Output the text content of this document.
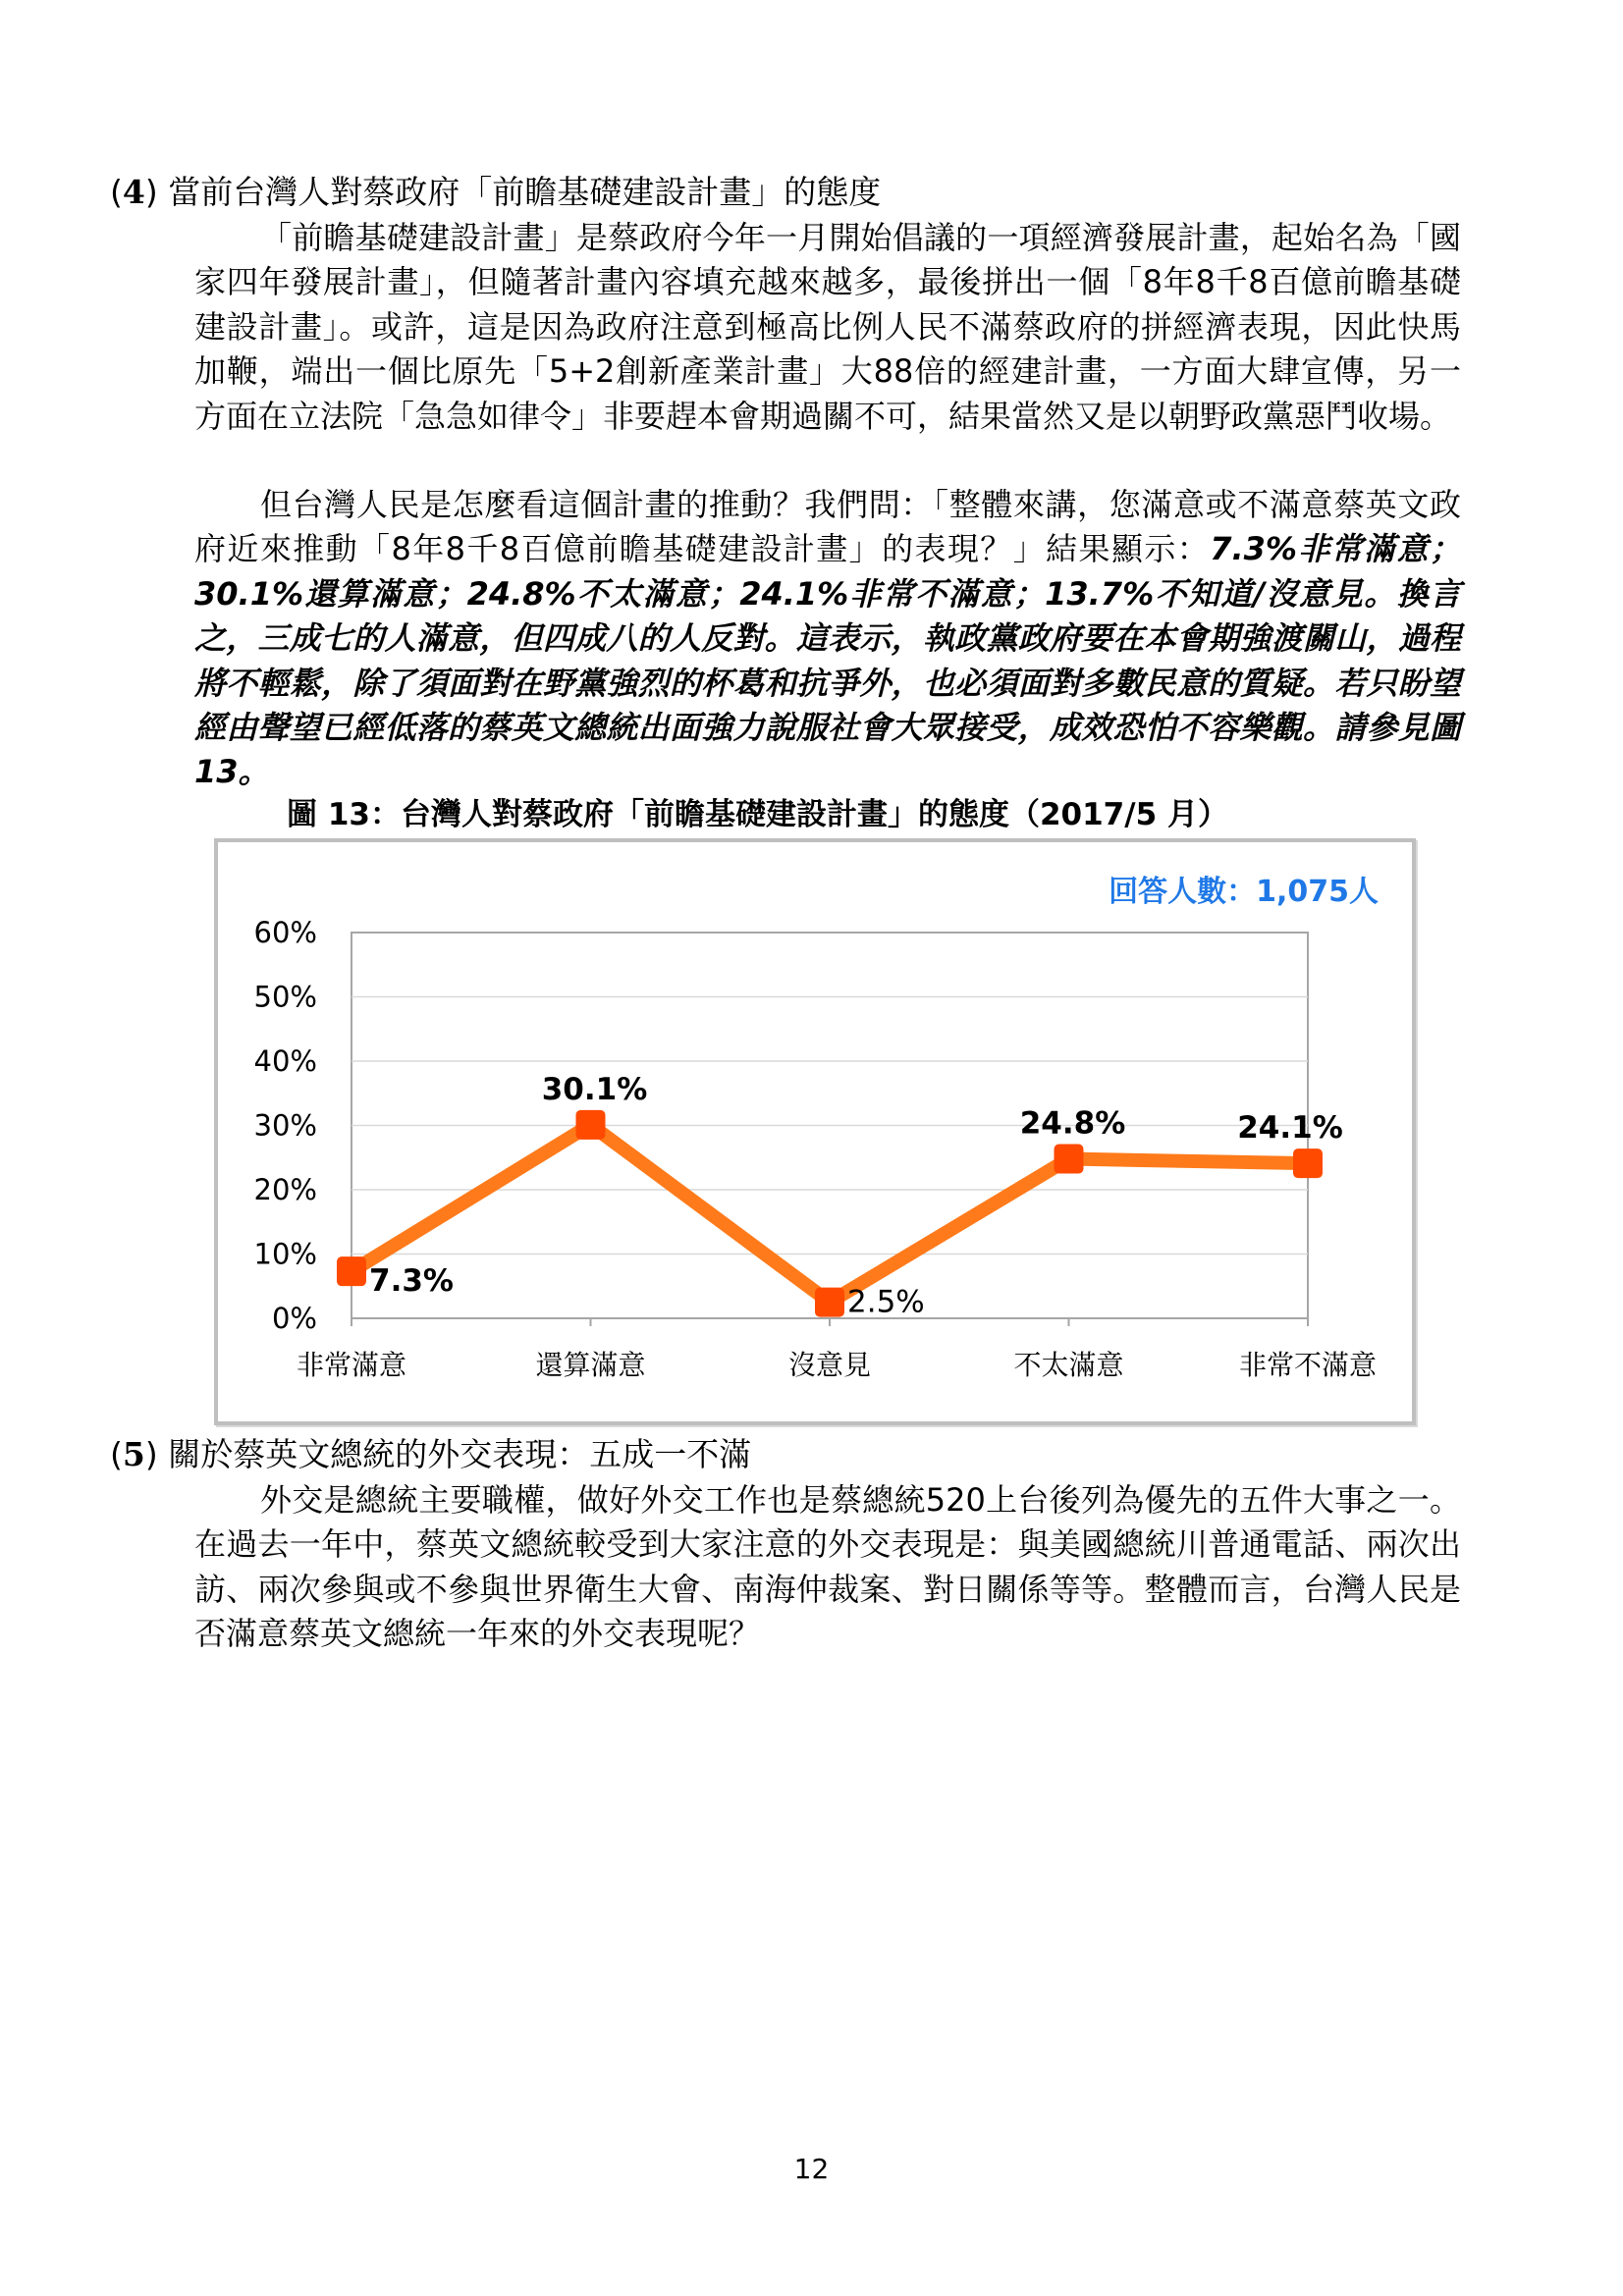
(4) 當前台灣人對蔡政府「前瞻基礎建設計畫」的態度
「前瞻基礎建設計畫」是蔡政府今年一月開始倡議的一項經濟發展計畫，起始名為「國家四年發展計畫」，但隨著計畫內容填充越來越多，最後拼出一個「8年8千8百億前瞻基礎建設計畫」。或許，這是因為政府注意到極高比例人民不滿蔡政府的拼經濟表現，因此快馬加鞭，端出一個比原先「5+2創新產業計畫」大88倍的經建計畫，一方面大肆宣傳，另一方面在立法院「急急如律令」非要趕本會期過關不可，結果當然又是以朝野政黨惡鬥收場。
但台灣人民是怎麼看這個計畫的推動？我們問：「整體來講，您滿意或不滿意蔡英文政府近來推動「8年8千8百億前瞻基礎建設計畫」的表現？」結果顯示：7.3%非常滿意；30.1%還算滿意；24.8%不太滿意；24.1%非常不滿意；13.7%不知道/沒意見。換言之，三成七的人滿意，但四成八的人反對。這表示，執政黨政府要在本會期強渡關山，過程將不輕鬆，除了須面對在野黨強烈的杯葛和抗爭外，也必須面對多數民意的質疑。若只盼望經由聲望已經低落的蔡英文總統出面強力說服社會大眾接受，成效恐怕不容樂觀。請參見圖13。
圖 13：台灣人對蔡政府「前瞻基礎建設計畫」的態度（2017/5 月）
0%
10%
20%
30%
40%
50%
60%
非常滿意	還算滿意	沒意見	不太滿意	非常不滿意
7.3%
30.1%
2.5%
24.8%	24.1%
回答人數：1,075人
(5) 關於蔡英文總統的外交表現：五成一不滿
外交是總統主要職權，做好外交工作也是蔡總統520上台後列為優先的五件大事之一。在過去一年中，蔡英文總統較受到大家注意的外交表現是：與美國總統川普通電話、兩次出訪、兩次參與或不參與世界衛生大會、南海仲裁案、對日關係等等。整體而言，台灣人民是否滿意蔡英文總統一年來的外交表現呢？
12
